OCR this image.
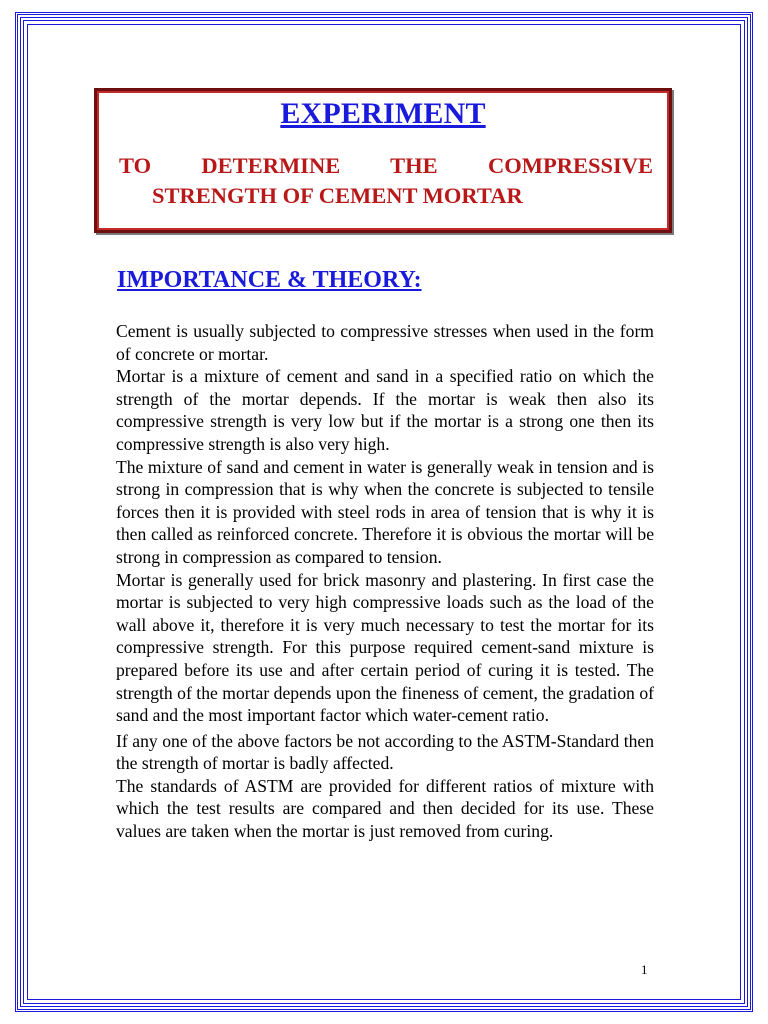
EXPERIMENT
TO DETERMINE THE COMPRESSIVE
STRENGTH OF CEMENT MORTAR
IMPORTANCE & THEORY:

Cement is usually subjected to compressive stresses when used in the form of concrete or mortar.

Mortar is a mixture of cement and sand in a specified ratio on which the strength of the mortar depends. If the mortar is weak then also its compressive strength is very low but if the mortar is a strong one then its compressive strength is also very high.

The mixture of sand and cement in water is generally weak in tension and is strong in compression that is why when the concrete is subjected to tensile forces then it is provided with steel rods in area of tension that is why it is then called as reinforced concrete. Therefore it is obvious the mortar will be strong in compression as compared to tension.

Mortar is generally used for brick masonry and plastering. In first case the mortar is subjected to very high compressive loads such as the load of the wall above it, therefore it is very much necessary to test the mortar for its compressive strength. For this purpose required cement-sand mixture is prepared before its use and after certain period of curing it is tested. The strength of the mortar depends upon the fineness of cement, the gradation of sand and the most important factor which water-cement ratio.

If any one of the above factors be not according to the ASTM-Standard then the strength of mortar is badly affected.

The standards of ASTM are provided for different ratios of mixture with which the test results are compared and then decided for its use. These values are taken when the mortar is just removed from curing.

1
